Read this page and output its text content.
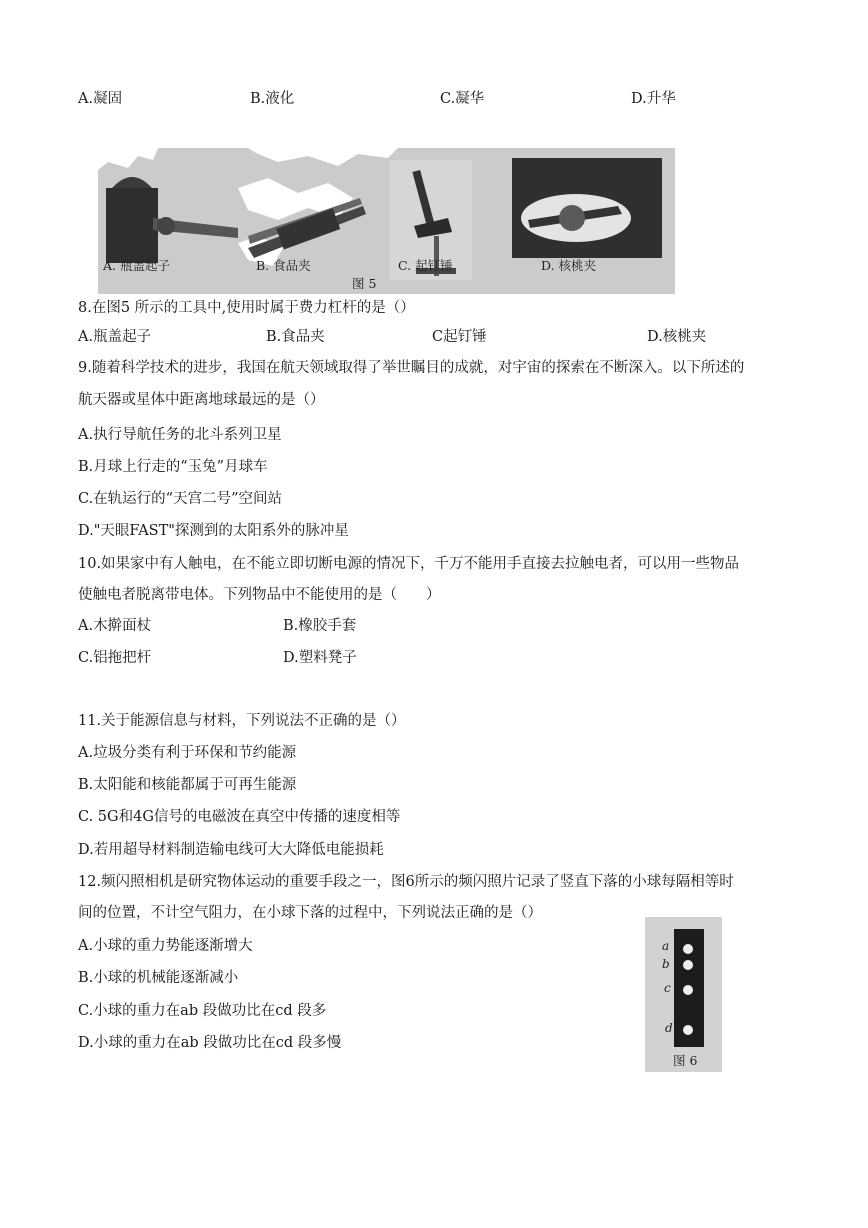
A.凝固	B.液化	C.凝华	D.升华
A. 瓶盖起子	B. 食品夹	C. 起钉锤	D. 核桃夹
图 5
8.在图5 所示的工具中,使用时属于费力杠杆的是（）
A.瓶盖起子	B.食品夹	C起钉锤	D.核桃夹
9.随着科学技术的进步，我国在航天领域取得了举世瞩目的成就，对宇宙的探索在不断深入。以下所述的
航天器或星体中距离地球最远的是（）
A.执行导航任务的北斗系列卫星
B.月球上行走的“玉兔”月球车
C.在轨运行的“天宫二号”空间站
D."天眼FAST"探测到的太阳系外的脉冲星
10.如果家中有人触电，在不能立即切断电源的情况下，千万不能用手直接去拉触电者，可以用一些物品
使触电者脱离带电体。下列物品中不能使用的是（　　）
A.木擀面杖	B.橡胶手套
C.铝拖把杆	D.塑料凳子
11.关于能源信息与材料，下列说法不正确的是（）
A.垃圾分类有利于环保和节约能源
B.太阳能和核能都属于可再生能源
C. 5G和4G信号的电磁波在真空中传播的速度相等
D.若用超导材料制造输电线可大大降低电能损耗
12.频闪照相机是研究物体运动的重要手段之一，图6所示的频闪照片记录了竖直下落的小球每隔相等时
间的位置，不计空气阻力，在小球下落的过程中，下列说法正确的是（）
A.小球的重力势能逐渐增大
B.小球的机械能逐渐减小
C.小球的重力在ab 段做功比在cd 段多
D.小球的重力在ab 段做功比在cd 段多慢
a
b
c
d
图 6
